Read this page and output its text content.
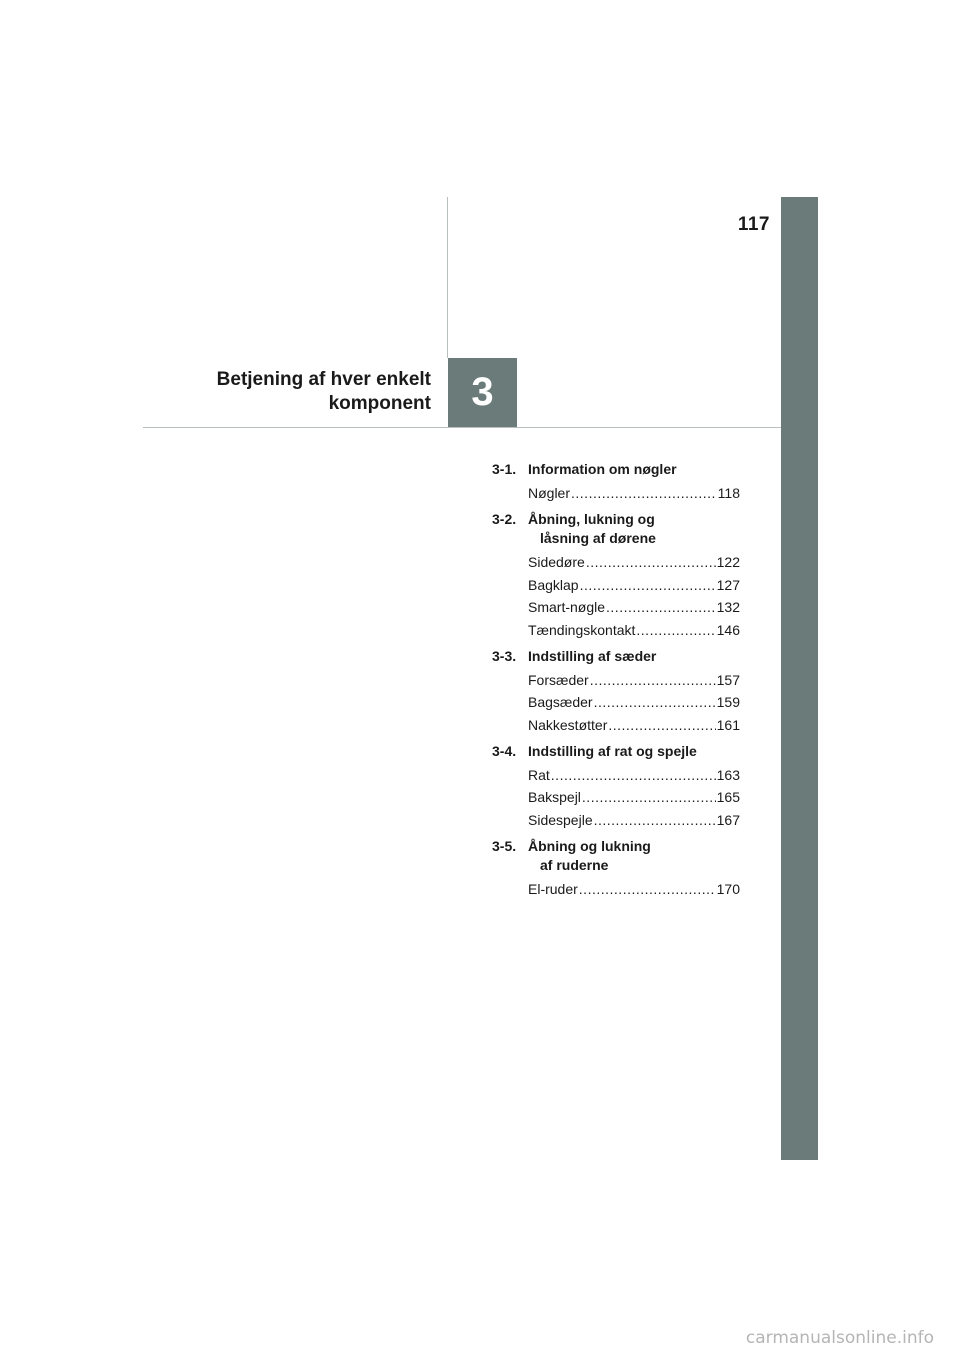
117
3
Betjening af hver enkelt
komponent
3-1. Information om nøgler
Nøgler .....	118
3-2. Åbning, lukning og
låsning af dørene
Sidedøre .....	122
Bagklap .....	127
Smart-nøgle .....	132
Tændingskontakt .....	146
3-3. Indstilling af sæder
Forsæder .....	157
Bagsæder .....	159
Nakkestøtter .....	161
3-4. Indstilling af rat og spejle
Rat .....	163
Bakspejl .....	165
Sidespejle .....	167
3-5. Åbning og lukning
af ruderne
El-ruder .....	170
carmanualsonline.info
